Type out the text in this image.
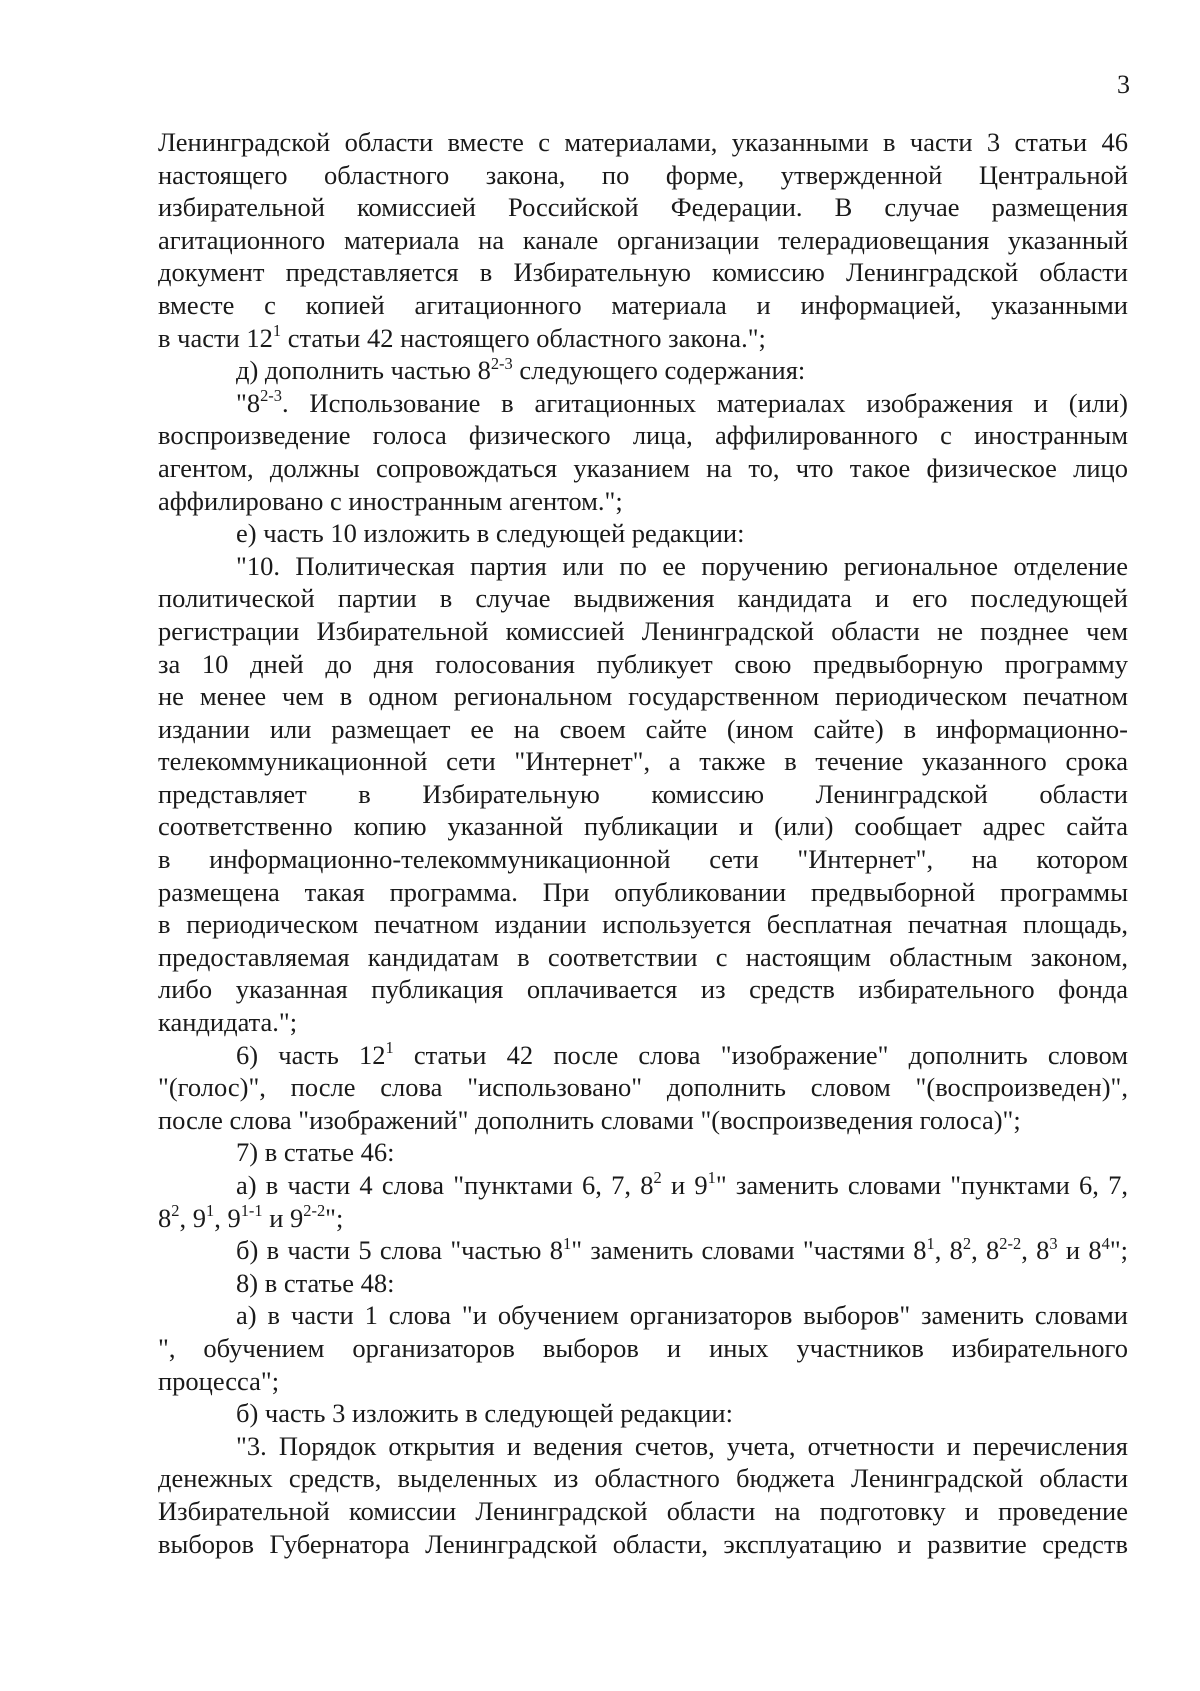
3
Ленинградской области вместе с материалами, указанными в части 3 статьи 46
настоящего областного закона, по форме, утвержденной Центральной
избирательной комиссией Российской Федерации. В случае размещения
агитационного материала на канале организации телерадиовещания указанный
документ представляется в Избирательную комиссию Ленинградской области
вместе с копией агитационного материала и информацией, указанными
в части $12^1$ статьи 42 настоящего областного закона.";
д) дополнить частью 8$^{2-3}$ следующего содержания:
"8$^{2-3}$. Использование в агитационных материалах изображения и (или)
воспроизведение голоса физического лица, аффилированного с иностранным
агентом, должны сопровождаться указанием на то, что такое физическое лицо
аффилировано с иностранным агентом.";
е) часть 10 изложить в следующей редакции:
"10. Политическая партия или по ее поручению региональное отделение
политической партии в случае выдвижения кандидата и его последующей
регистрации Избирательной комиссией Ленинградской области не позднее чем
за 10 дней до дня голосования публикует свою предвыборную программу
не менее чем в одном региональном государственном периодическом печатном
издании или размещает ее на своем сайте (ином сайте) в информационно-
телекоммуникационной сети "Интернет", а также в течение указанного срока
представляет в Избирательную комиссию Ленинградской области
соответственно копию указанной публикации и (или) сообщает адрес сайта
в информационно-телекоммуникационной сети "Интернет", на котором
размещена такая программа. При опубликовании предвыборной программы
в периодическом печатном издании используется бесплатная печатная площадь,
предоставляемая кандидатам в соответствии с настоящим областным законом,
либо указанная публикация оплачивается из средств избирательного фонда
кандидата.";
6) часть $12^1$ статьи 42 после слова "изображение" дополнить словом
"(голос)", после слова "использовано" дополнить словом "(воспроизведен)",
после слова "изображений" дополнить словами "(воспроизведения голоса)";
7) в статье 46:
а) в части 4 слова "пунктами 6, 7, $8^2$ и $9^1$" заменить словами "пунктами 6, 7,
$8^2$, $9^1$, 9$^{1-1}$ и 9$^{2-2}$";
б) в части 5 слова "частью $8^1$" заменить словами "частями $8^1$, $8^2$, 8$^{2-2}$, $8^3$ и $8^4$";
8) в статье 48:
а) в части 1 слова "и обучением организаторов выборов" заменить словами
", обучением организаторов выборов и иных участников избирательного
процесса";
б) часть 3 изложить в следующей редакции:
"3. Порядок открытия и ведения счетов, учета, отчетности и перечисления
денежных средств, выделенных из областного бюджета Ленинградской области
Избирательной комиссии Ленинградской области на подготовку и проведение
выборов Губернатора Ленинградской области, эксплуатацию и развитие средств
